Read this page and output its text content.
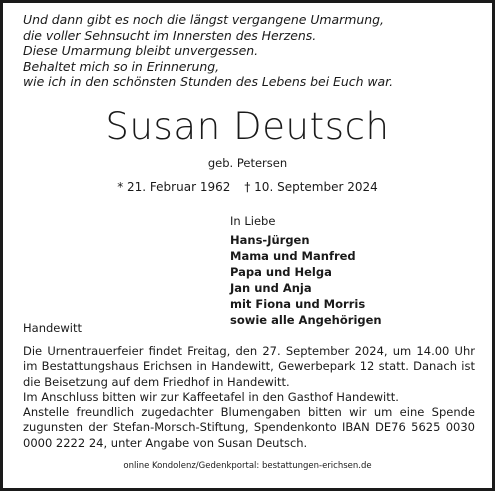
Und dann gibt es noch die längst vergangene Umarmung,
die voller Sehnsucht im Innersten des Herzens.
Diese Umarmung bleibt unvergessen.
Behaltet mich so in Erinnerung,
wie ich in den schönsten Stunden des Lebens bei Euch war.
Susan Deutsch
geb. Petersen
* 21. Februar 1962 † 10. September 2024
In Liebe
Hans-Jürgen
Mama und Manfred
Papa und Helga
Jan und Anja
mit Fiona und Morris
sowie alle Angehörigen
Handewitt

Die Urnentrauerfeier findet Freitag, den 27. September 2024, um 14.00 Uhr im Bestattungshaus Erichsen in Handewitt, Gewerbepark 12 statt. Danach ist die Beisetzung auf dem Friedhof in Handewitt.

Im Anschluss bitten wir zur Kaffeetafel in den Gasthof Handewitt.

Anstelle freundlich zugedachter Blumengaben bitten wir um eine Spende zugunsten der Stefan-Morsch-Stiftung, Spendenkonto IBAN DE76 5625 0030 0000 2222 24, unter Angabe von Susan Deutsch.

online Kondolenz/Gedenkportal: bestattungen-erichsen.de
